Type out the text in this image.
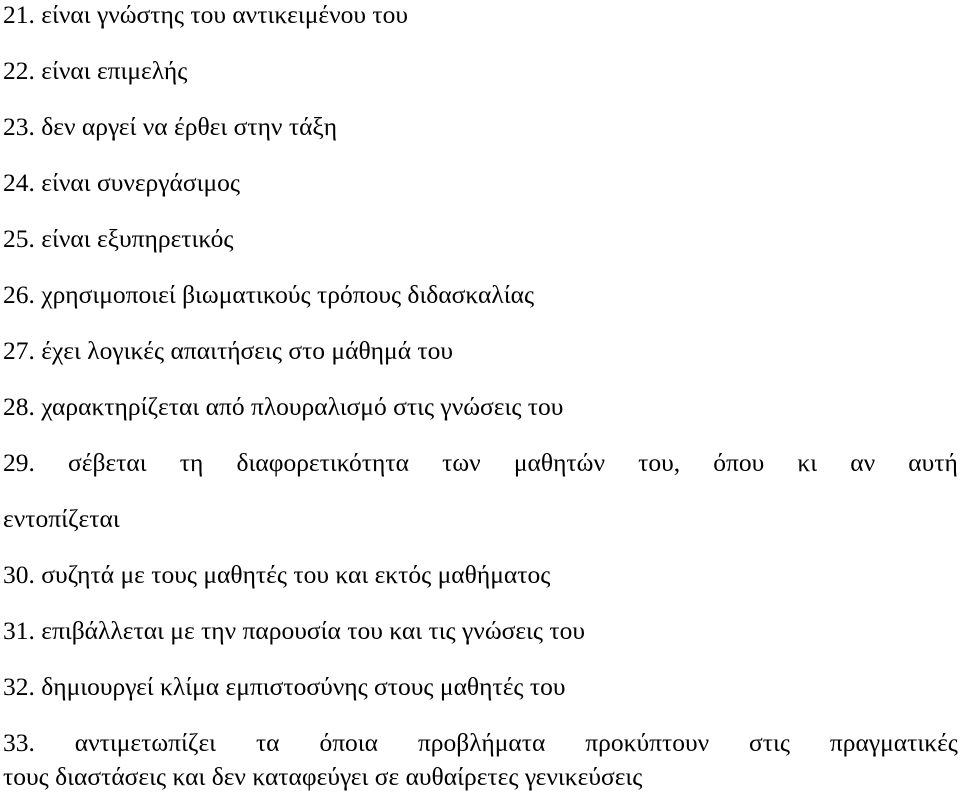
21. είναι γνώστης του αντικειμένου του
22. είναι επιμελής
23. δεν αργεί να έρθει στην τάξη
24. είναι συνεργάσιμος
25. είναι εξυπηρετικός
26. χρησιμοποιεί βιωματικούς τρόπους διδασκαλίας
27. έχει λογικές απαιτήσεις στο μάθημά του
28. χαρακτηρίζεται από πλουραλισμό στις γνώσεις του
29. σέβεται τη διαφορετικότητα των μαθητών του, όπου κι αν αυτή
εντοπίζεται
30. συζητά με τους μαθητές του και εκτός μαθήματος
31. επιβάλλεται με την παρουσία του και τις γνώσεις του
32. δημιουργεί κλίμα εμπιστοσύνης στους μαθητές του
33. αντιμετωπίζει τα όποια προβλήματα προκύπτουν στις πραγματικές
τους διαστάσεις και δεν καταφεύγει σε αυθαίρετες γενικεύσεις
